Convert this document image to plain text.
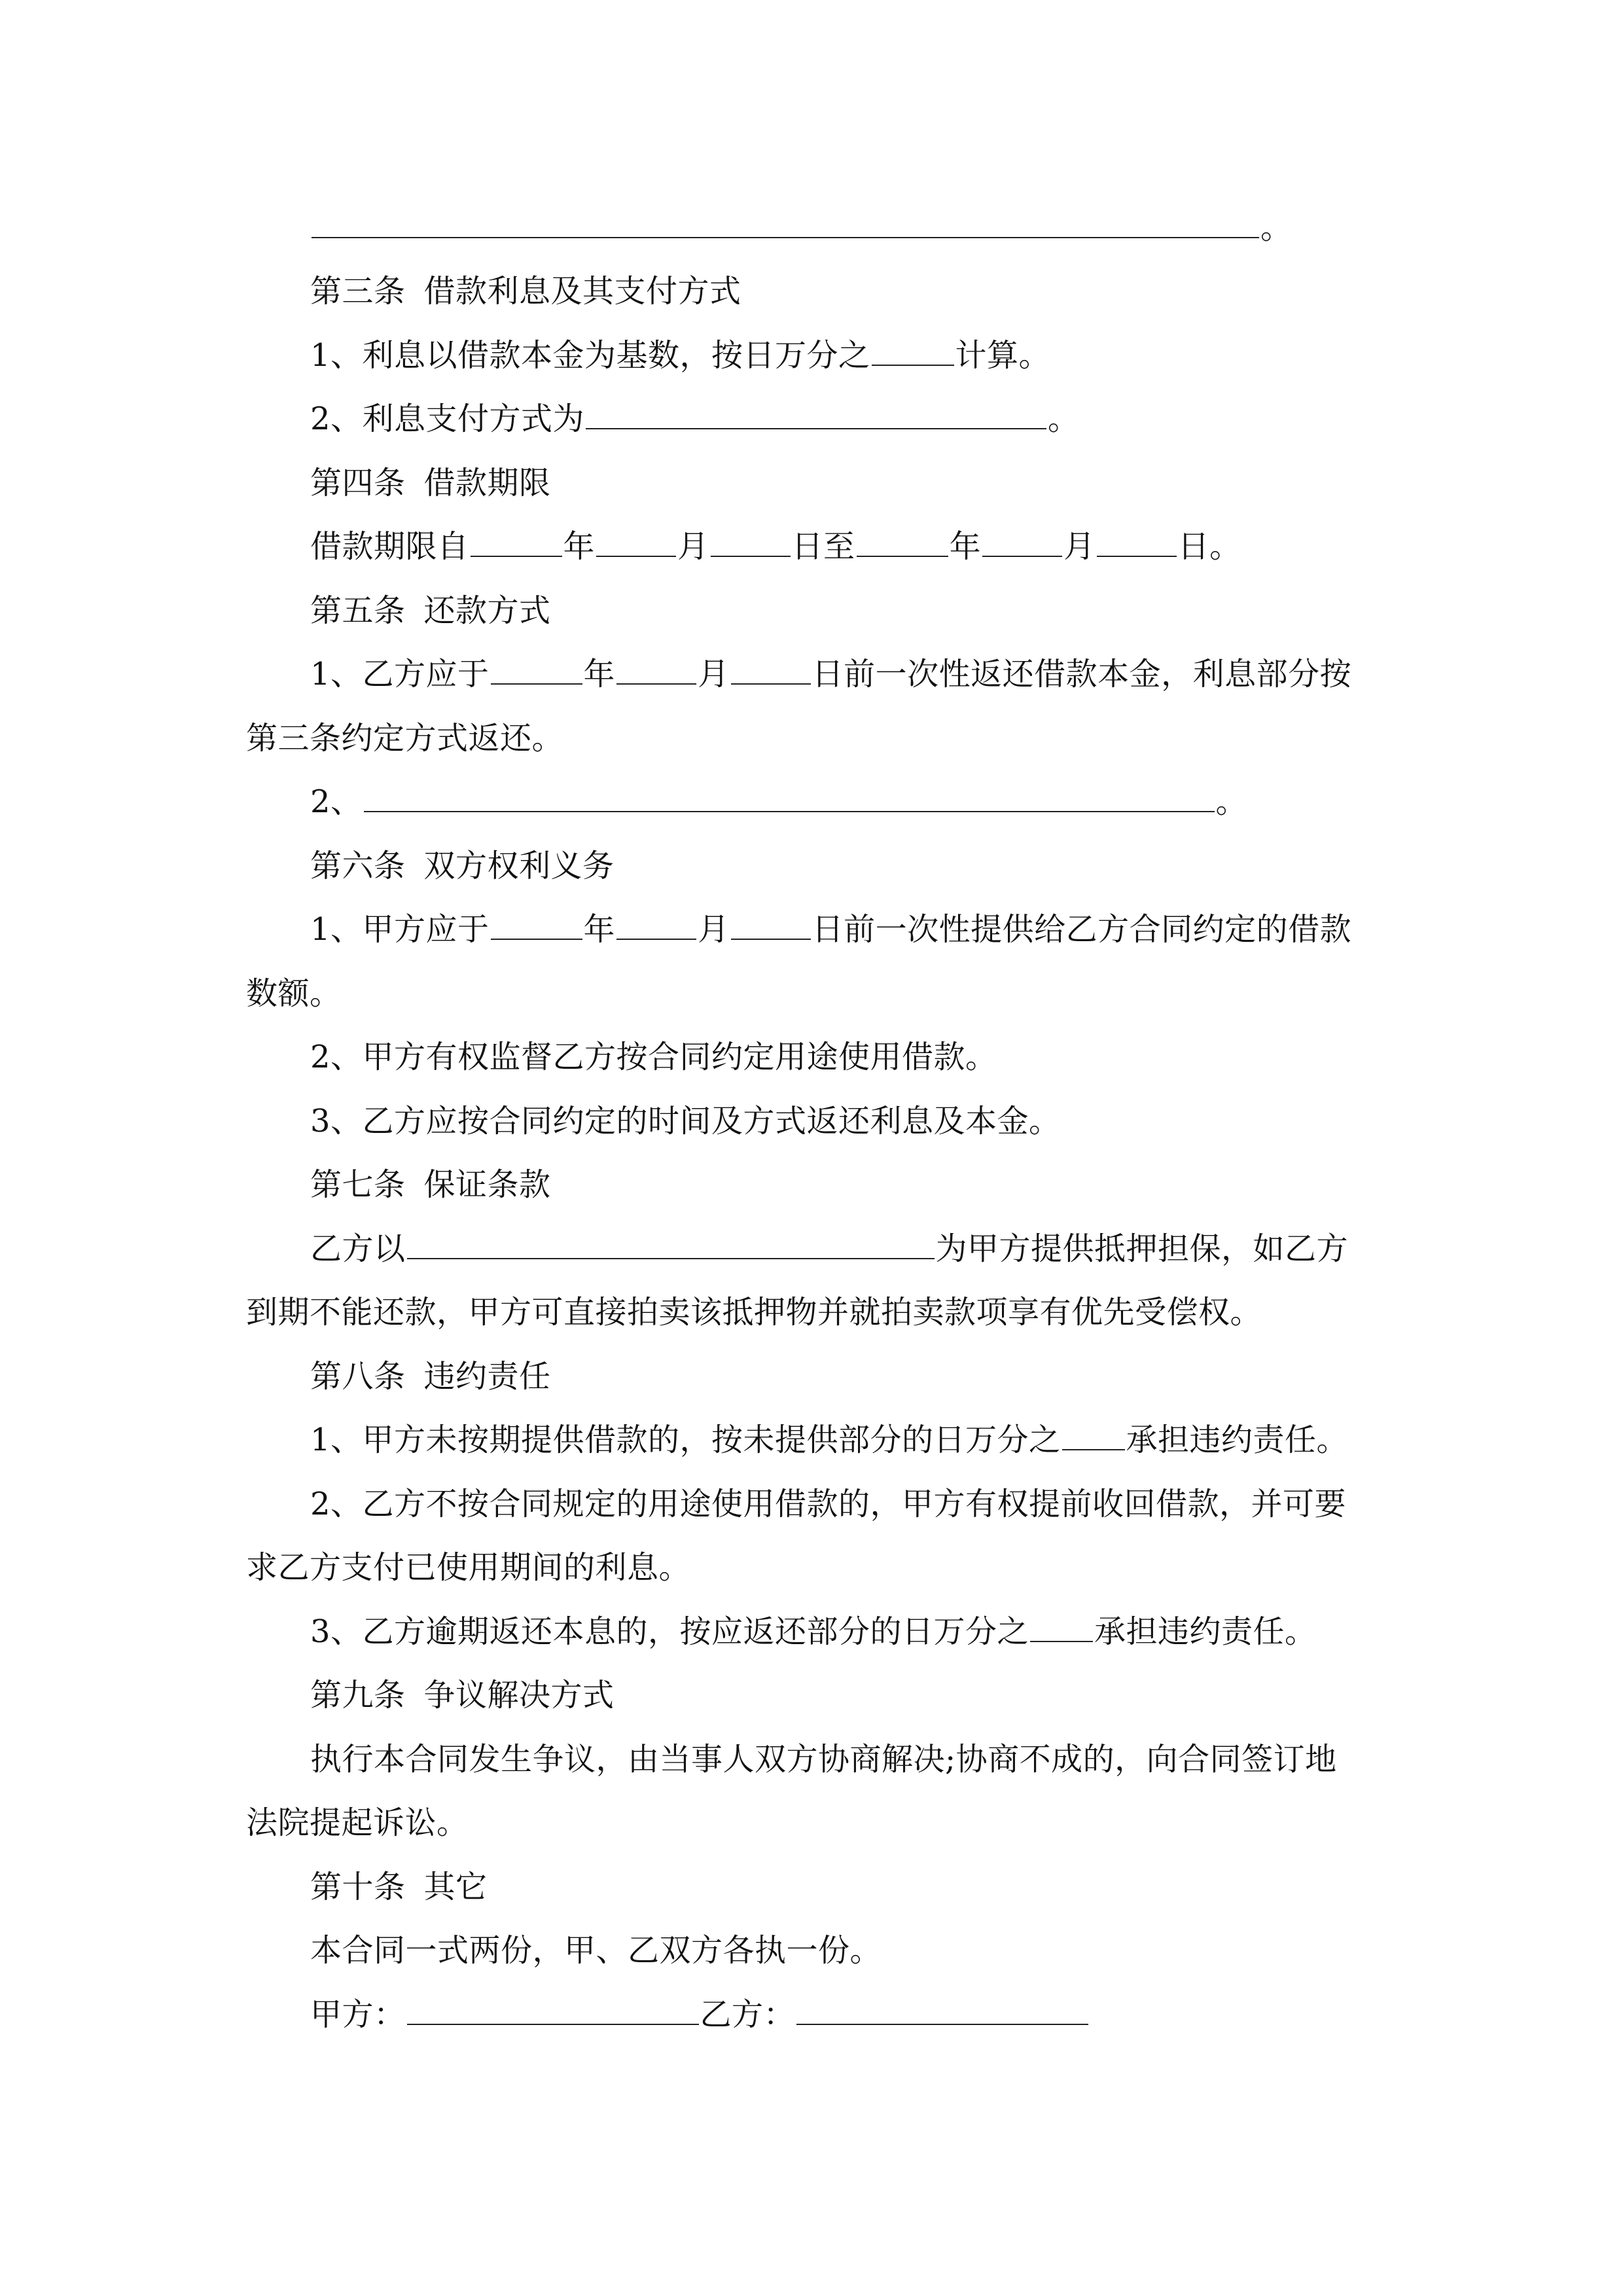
。
第三条 借款利息及其支付方式
1、利息以借款本金为基数，按日万分之	计算。
2、利息支付方式为	。
第四条 借款期限
借款期限自	年	月	日至	年	月	日。
第五条 还款方式
1、乙方应于	年	月	日前一次性返还借款本金，利息部分按
第三条约定方式返还。
2、	。
第六条 双方权利义务
1、甲方应于	年	月	日前一次性提供给乙方合同约定的借款
数额。
2、甲方有权监督乙方按合同约定用途使用借款。
3、乙方应按合同约定的时间及方式返还利息及本金。
第七条 保证条款
乙方以	为甲方提供抵押担保，如乙方
到期不能还款，甲方可直接拍卖该抵押物并就拍卖款项享有优先受偿权。
第八条 违约责任
1、甲方未按期提供借款的，按未提供部分的日万分之 承担违约责任。
2、乙方不按合同规定的用途使用借款的，甲方有权提前收回借款，并可要
求乙方支付已使用期间的利息。
3、乙方逾期返还本息的，按应返还部分的日万分之 承担违约责任。
第九条 争议解决方式
执行本合同发生争议，由当事人双方协商解决;协商不成的，向合同签订地
法院提起诉讼。
第十条 其它
本合同一式两份，甲、乙双方各执一份。
甲方：	乙方：
